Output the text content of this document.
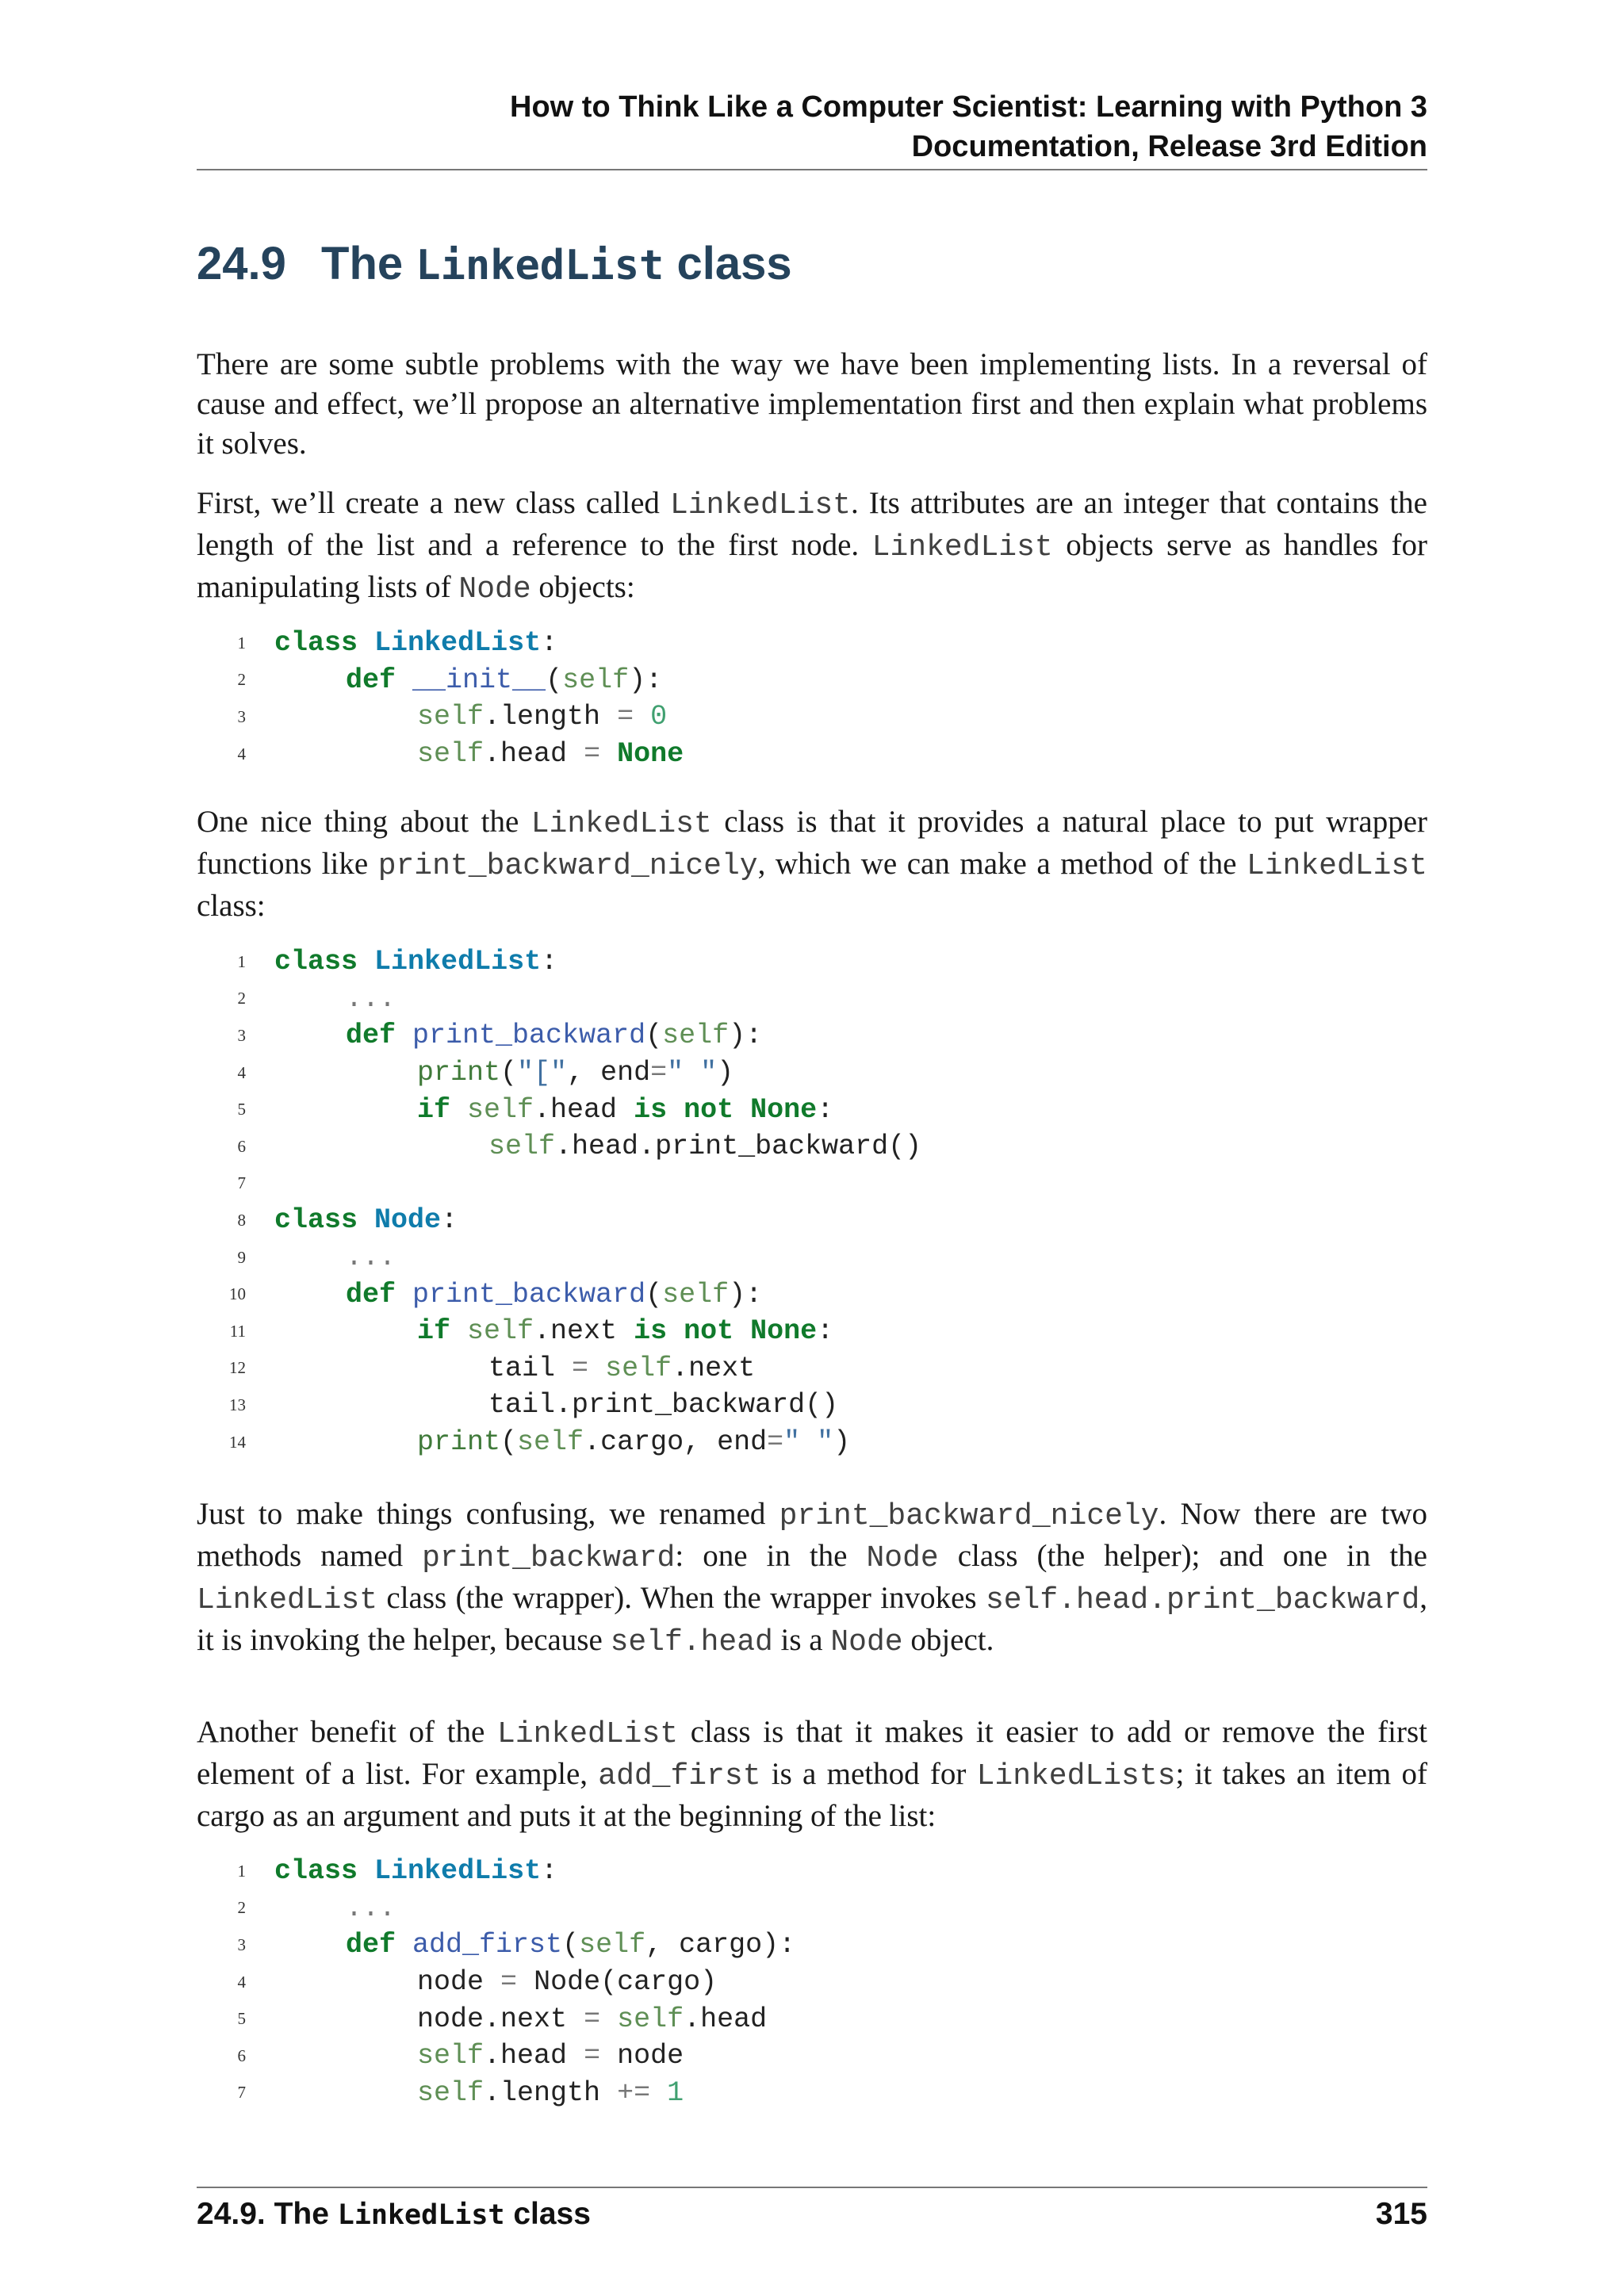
How to Think Like a Computer Scientist: Learning with Python 3
Documentation, Release 3rd Edition
24.9 The LinkedList class

There are some subtle problems with the way we have been implementing lists. In a reversal of cause and effect, we’ll propose an alternative implementation first and then explain what problems it solves.

First, we’ll create a new class called LinkedList. Its attributes are an integer that contains the length of the list and a reference to the first node. LinkedList objects serve as handles for manipulating lists of Node objects:

1	class LinkedList:
2	def __init__(self):
3	self.length = 0
4	self.head = None

One nice thing about the LinkedList class is that it provides a natural place to put wrapper functions like print_backward_nicely, which we can make a method of the LinkedList class:

1	class LinkedList:
2	...
3	def print_backward(self):
4	print("[", end=" ")
5	if self.head is not None:
6	self.head.print_backward()
7
8	class Node:
9	...
10	def print_backward(self):
11	if self.next is not None:
12	tail = self.next
13	tail.print_backward()
14	print(self.cargo, end=" ")

Just to make things confusing, we renamed print_backward_nicely. Now there are two methods named print_backward: one in the Node class (the helper); and one in the LinkedList class (the wrapper). When the wrapper invokes self.head.print_backward, it is invoking the helper, because self.head is a Node object.

Another benefit of the LinkedList class is that it makes it easier to add or remove the first element of a list. For example, add_first is a method for LinkedLists; it takes an item of cargo as an argument and puts it at the beginning of the list:

1	class LinkedList:
2	...
3	def add_first(self, cargo):
4	node = Node(cargo)
5	node.next = self.head
6	self.head = node
7	self.length += 1
24.9. The LinkedList class	315
